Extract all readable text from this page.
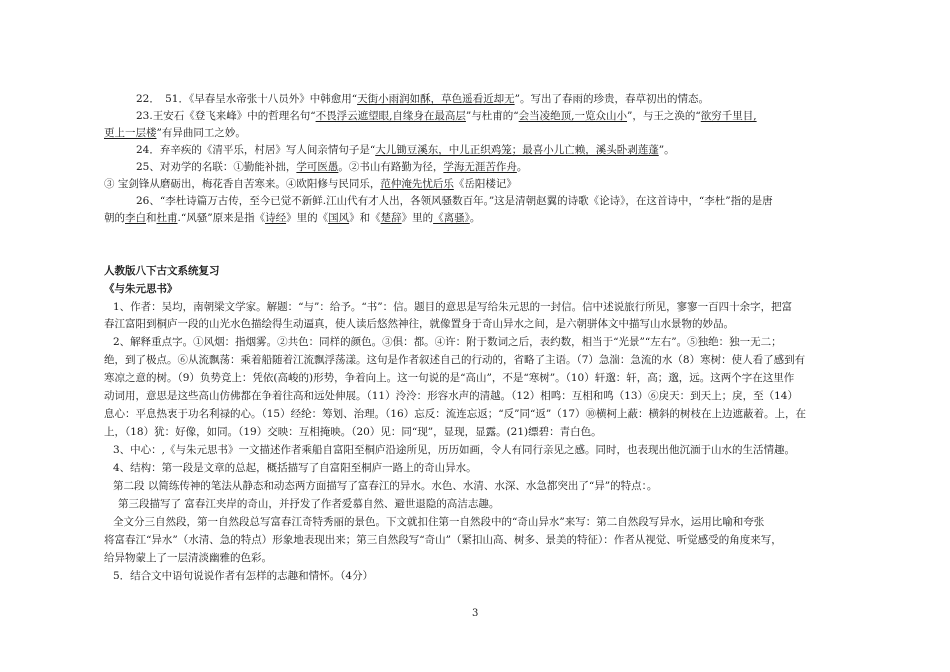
22．　51．《早春呈水帝张十八员外》中韩愈用“天街小雨润如酥，草色遥看近却无”。写出了春雨的珍贵，春草初出的情态。
23.王安石《登飞来峰》中的哲理名句“不畏浮云遮望眼,自缘身在最高层”与杜甫的“会当凌绝顶,一览众山小”，与王之涣的“欲穷千里目,
更上一层楼”有异曲同工之妙。
24．弃辛疾的《清平乐，村居》写人间亲情句子是“大儿锄豆溪东，中儿正织鸡笼；最喜小儿亡赖，溪头卧剥莲蓬”。
25、对劝学的名联：①勤能补拙，学可医愚。②书山有路勤为径，学海无涯苦作舟。
③ 宝剑锋从磨砺出，梅花香自苦寒来。④欧阳修与民同乐，范仲淹先忧后乐《岳阳楼记》
26、“李杜诗篇万古传，至今已觉不新鲜.江山代有才人出，各领风骚数百年。”这是清朝赵翼的诗歌《论诗》，在这首诗中，“李杜”指的是唐
朝的李白和杜甫.“风骚”原来是指《诗经》里的《国风》和《楚辞》里的《离骚》。
人教版八下古文系统复习
《与朱元思书》
1、作者：吴均，南朝梁文学家。解题：“与”：给予。“书”：信。题目的意思是写给朱元思的一封信。信中述说旅行所见，寥寥一百四十余字，把富
春江富阳到桐庐一段的山光水色描绘得生动逼真，使人读后悠然神往，就像置身于奇山异水之间，是六朝骈体文中描写山水景物的妙品。
2、解释重点字。①风烟：指烟雾。②共色：同样的颜色。③俱：都。④许：附于数词之后，表约数，相当于“光景”“左右”。⑤独绝：独一无二；
绝，到了极点。⑥从流飘荡：乘着船随着江流飘浮荡漾。这句是作者叙述自己的行动的，省略了主语。（7）急湍：急流的水（8）寒树：使人看了感到有
寒凉之意的树。（9）负势竞上：凭依(高峻的)形势，争着向上。这一句说的是“高山”，不是“寒树”。（10）轩邈：轩，高；邈，远。这两个字在这里作
动词用，意思是这些高山仿佛都在争着往高和远处伸展。（11）泠泠：形容水声的清越。（12）相鸣：互相和鸣（13）⑥戾天：到天上；戾，至（14）
息心：平息热衷于功名利禄的心。（15）经纶：筹划、治理。（16）忘反：流连忘返；“反”同“返”（17）⑩横柯上蔽：横斜的树枝在上边遮蔽着。上，在
上，（18）犹：好像，如同。（19）交映：互相掩映。（20）见：同“现”，显现，显露。(21)缥碧：青白色。
3、中心：,《与朱元思书》一文描述作者乘船自富阳至桐庐沿途所见，历历如画，令人有同行亲见之感。同时，也表现出他沉湎于山水的生活情趣。
4、结构：第一段是文章的总起，概括描写了自富阳至桐庐一路上的奇山异水。
第二段 以简练传神的笔法从静态和动态两方面描写了富春江的异水。水色、水清、水深、水急都突出了“异”的特点：。
第三段描写了 富春江夹岸的奇山，并抒发了作者爱慕自然、避世退隐的高洁志趣。
全文分三自然段，第一自然段总写富春江奇特秀丽的景色。下文就扣住第一自然段中的“奇山异水”来写：第二自然段写异水，运用比喻和夸张
将富春江“异水”（水清、急的特点）形象地表现出来；第三自然段写“奇山”（紧扣山高、树多、景美的特征）：作者从视觉、听觉感受的角度来写，
给异物蒙上了一层清淡幽雅的色彩。
5．结合文中语句说说作者有怎样的志趣和情怀。（4分）
3
